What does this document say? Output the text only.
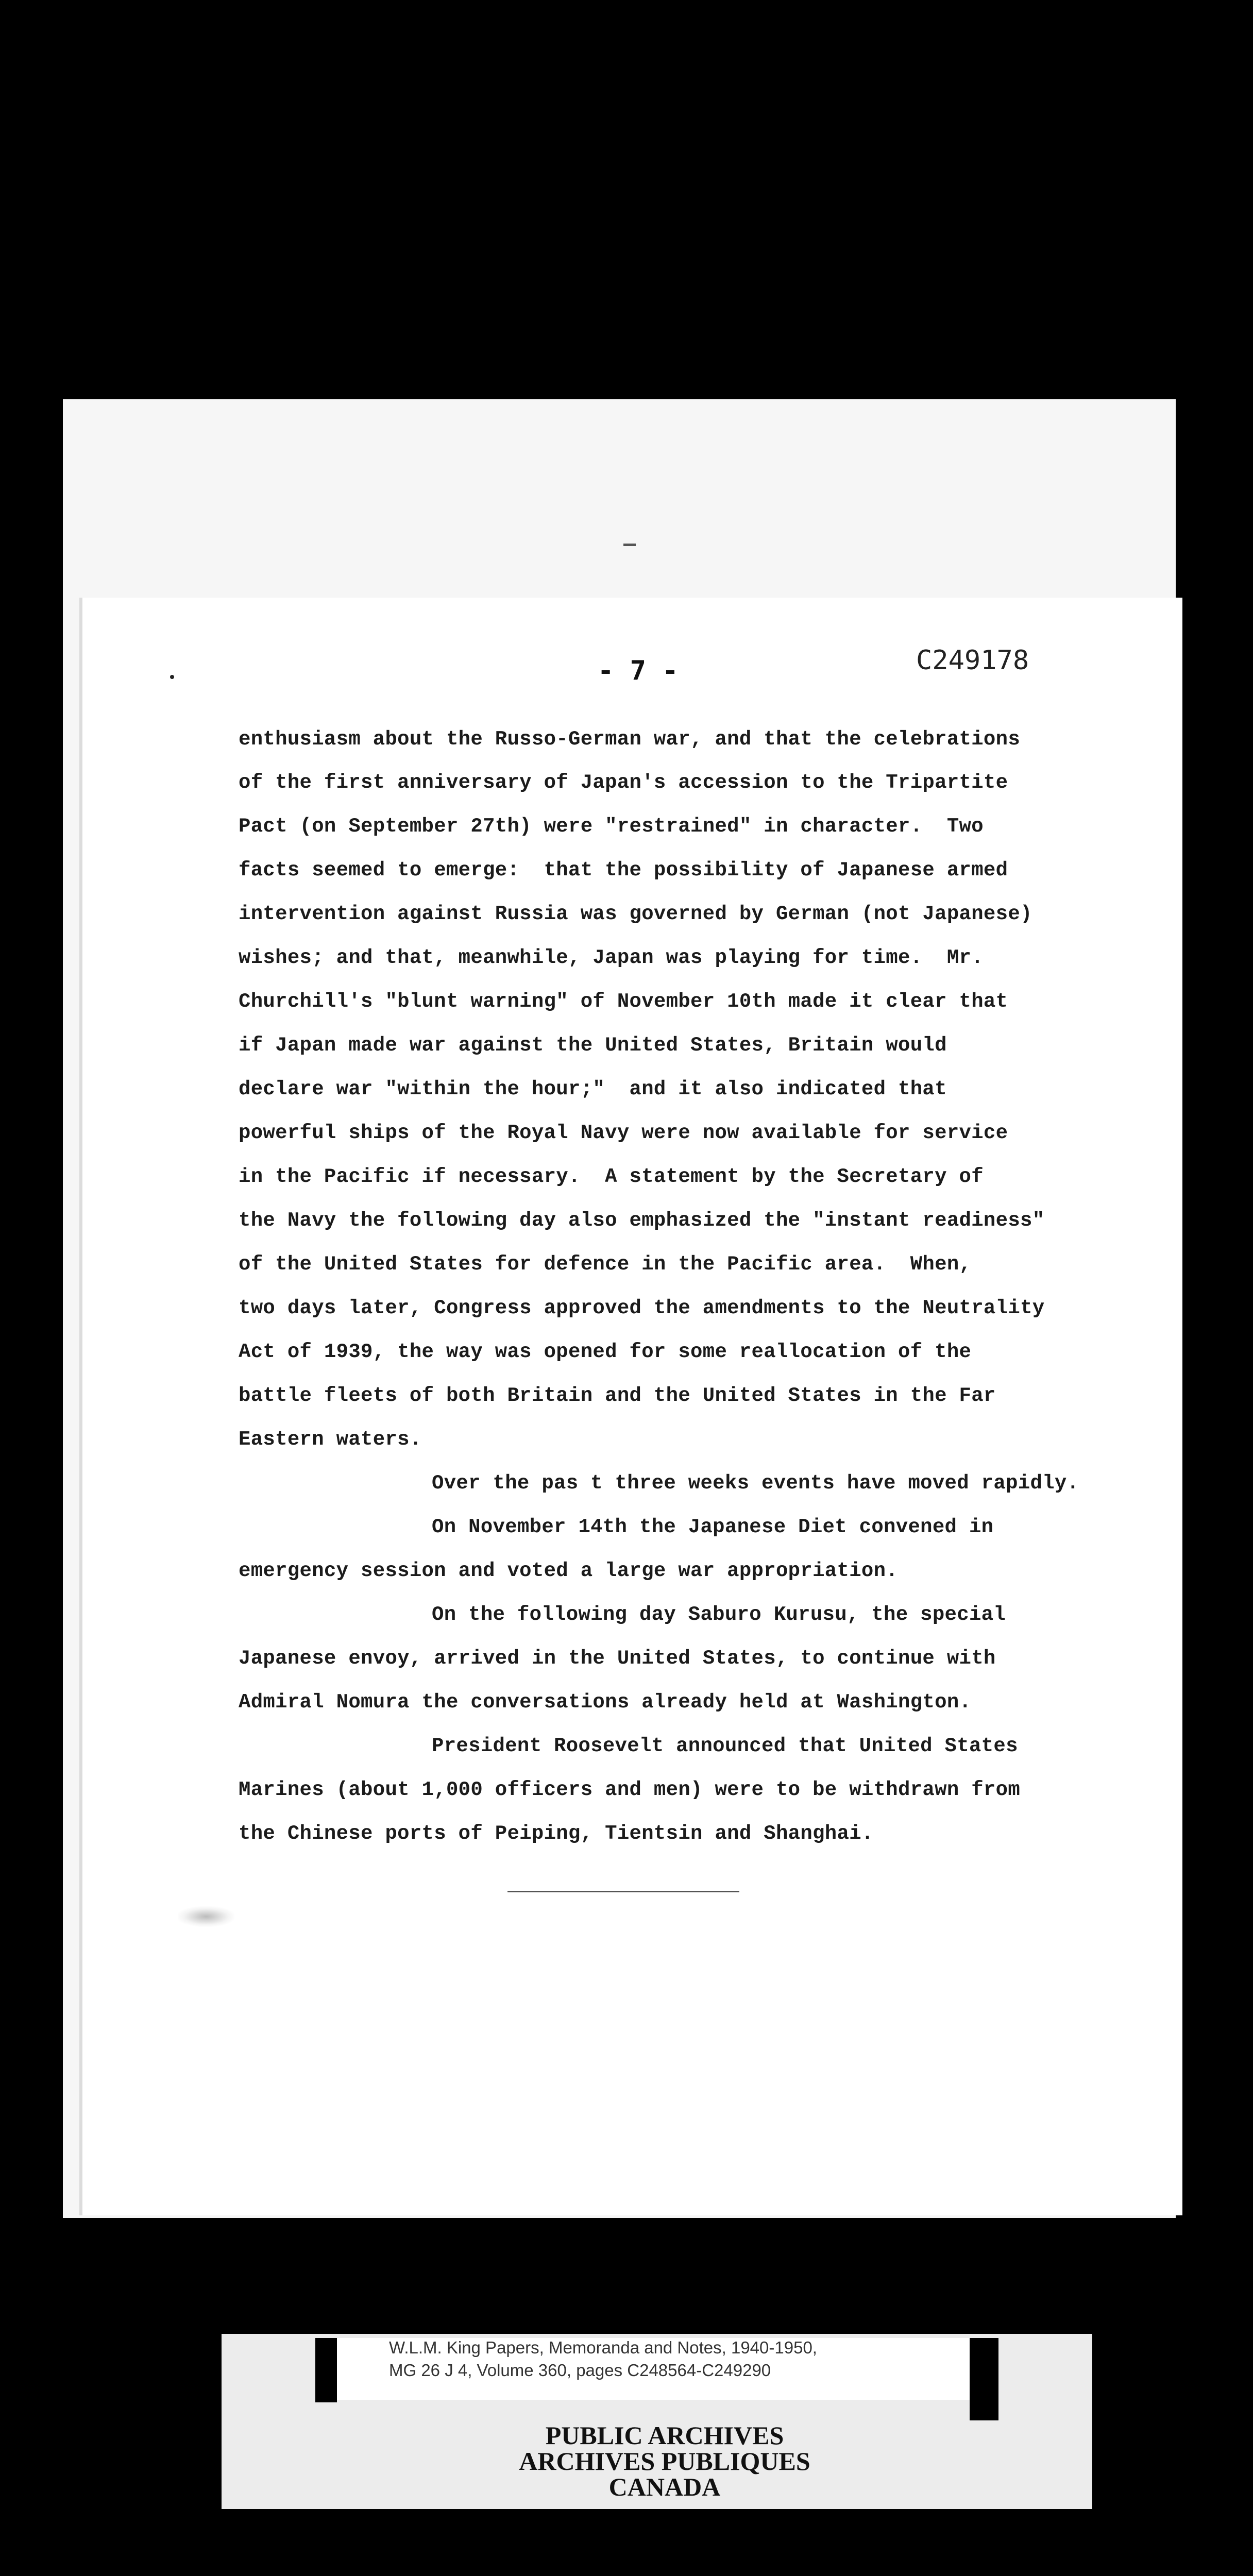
- 7 -	C249178
enthusiasm about the Russo-German war, and that the celebrations
of the first anniversary of Japan's accession to the Tripartite
Pact (on September 27th) were "restrained" in character.  Two
facts seemed to emerge:  that the possibility of Japanese armed
intervention against Russia was governed by German (not Japanese)
wishes; and that, meanwhile, Japan was playing for time.  Mr.
Churchill's "blunt warning" of November 10th made it clear that
if Japan made war against the United States, Britain would
declare war "within the hour;"  and it also indicated that
powerful ships of the Royal Navy were now available for service
in the Pacific if necessary.  A statement by the Secretary of
the Navy the following day also emphasized the "instant readiness"
of the United States for defence in the Pacific area.  When,
two days later, Congress approved the amendments to the Neutrality
Act of 1939, the way was opened for some reallocation of the
battle fleets of both Britain and the United States in the Far
Eastern waters.
Over the pas t three weeks events have moved rapidly.
On November 14th the Japanese Diet convened in
emergency session and voted a large war appropriation.
On the following day Saburo Kurusu, the special
Japanese envoy, arrived in the United States, to continue with
Admiral Nomura the conversations already held at Washington.
President Roosevelt announced that United States
Marines (about 1,000 officers and men) were to be withdrawn from
the Chinese ports of Peiping, Tientsin and Shanghai.
W.L.M. King Papers, Memoranda and Notes, 1940-1950,
MG 26 J 4, Volume 360, pages C248564-C249290
PUBLIC ARCHIVES
ARCHIVES PUBLIQUES
CANADA
